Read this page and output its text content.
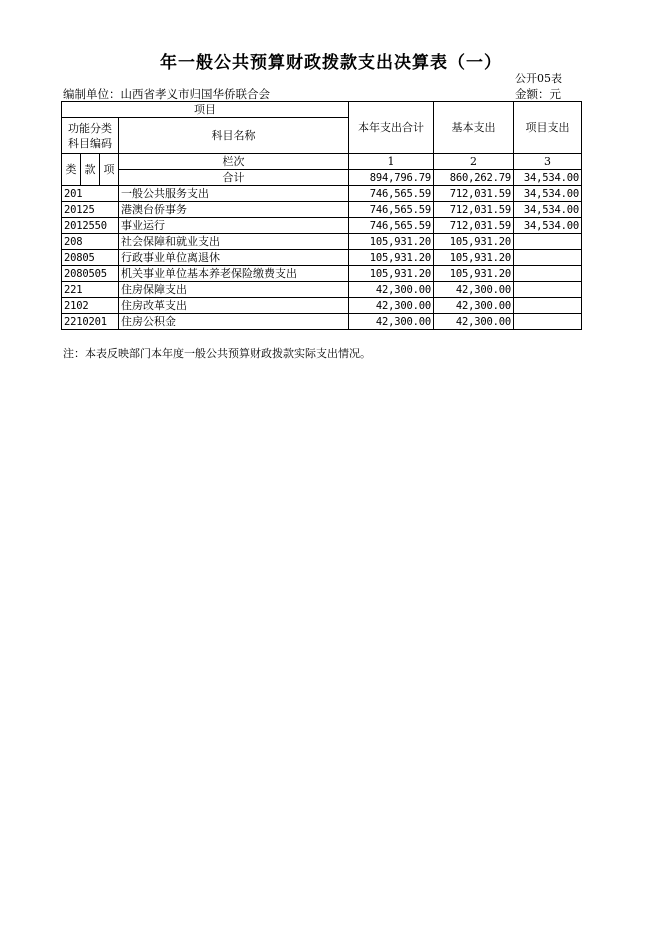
年一般公共预算财政拨款支出决算表（一）
公开05表
编制单位：山西省孝义市归国华侨联合会	金额：元
项目				本年支出合计	基本支出	项目支出

功能分类
科目编码			科目名称			

类	款	项	栏次	1	2	3
			合计	894,796.79	860,262.79	34,534.00
201			一般公共服务支出	746,565.59	712,031.59	34,534.00
20125			港澳台侨事务	746,565.59	712,031.59	34,534.00
2012550			事业运行	746,565.59	712,031.59	34,534.00
208			社会保障和就业支出	105,931.20	105,931.20	
20805			行政事业单位离退休	105,931.20	105,931.20	
2080505			机关事业单位基本养老保险缴费支出	105,931.20	105,931.20	
221			住房保障支出	42,300.00	42,300.00	
2102			住房改革支出	42,300.00	42,300.00	
2210201			住房公积金	42,300.00	42,300.00	
注：本表反映部门本年度一般公共预算财政拨款实际支出情况。
